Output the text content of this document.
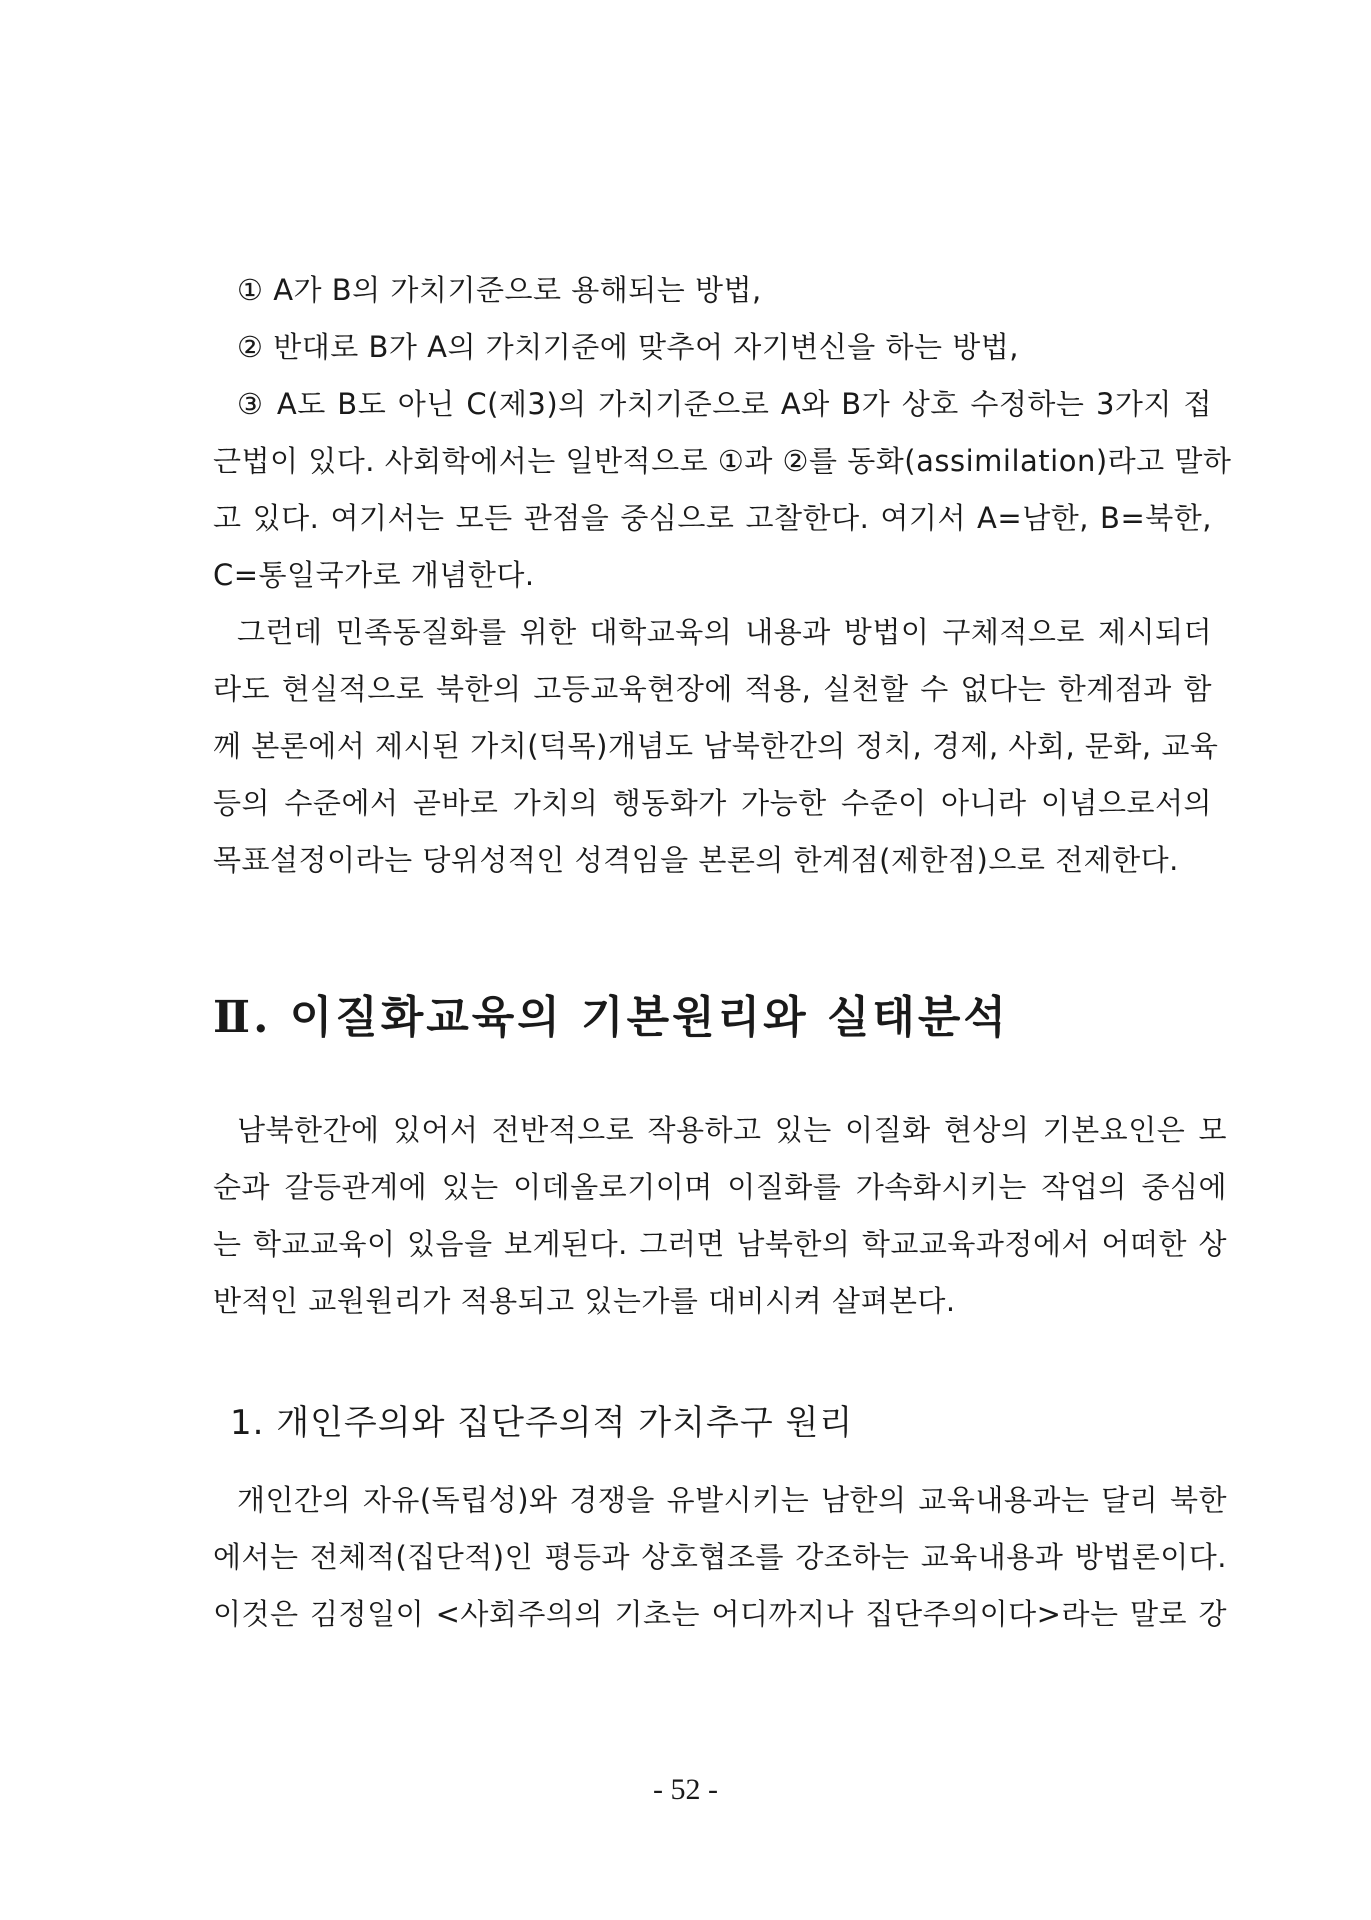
① A가 B의 가치기준으로 용해되는 방법,
② 반대로 B가 A의 가치기준에 맞추어 자기변신을 하는 방법,
③ A도 B도 아닌 C(제3)의 가치기준으로 A와 B가 상호 수정하는 3가지 접
근법이 있다. 사회학에서는 일반적으로 ①과 ②를 동화(assimilation)라고 말하
고 있다. 여기서는 모든 관점을 중심으로 고찰한다. 여기서 A=남한, B=북한,
C=통일국가로 개념한다.
그런데 민족동질화를 위한 대학교육의 내용과 방법이 구체적으로 제시되더
라도 현실적으로 북한의 고등교육현장에 적용, 실천할 수 없다는 한계점과 함
께 본론에서 제시된 가치(덕목)개념도 남북한간의 정치, 경제, 사회, 문화, 교육
등의 수준에서 곧바로 가치의 행동화가 가능한 수준이 아니라 이념으로서의
목표설정이라는 당위성적인 성격임을 본론의 한계점(제한점)으로 전제한다.
Ⅱ. 이질화교육의 기본원리와 실태분석
남북한간에 있어서 전반적으로 작용하고 있는 이질화 현상의 기본요인은 모
순과 갈등관계에 있는 이데올로기이며 이질화를 가속화시키는 작업의 중심에
는 학교교육이 있음을 보게된다. 그러면 남북한의 학교교육과정에서 어떠한 상
반적인 교원원리가 적용되고 있는가를 대비시켜 살펴본다.
1. 개인주의와 집단주의적 가치추구 원리
개인간의 자유(독립성)와 경쟁을 유발시키는 남한의 교육내용과는 달리 북한
에서는 전체적(집단적)인 평등과 상호협조를 강조하는 교육내용과 방법론이다.
이것은 김정일이 <사회주의의 기초는 어디까지나 집단주의이다>라는 말로 강
- 52 -
